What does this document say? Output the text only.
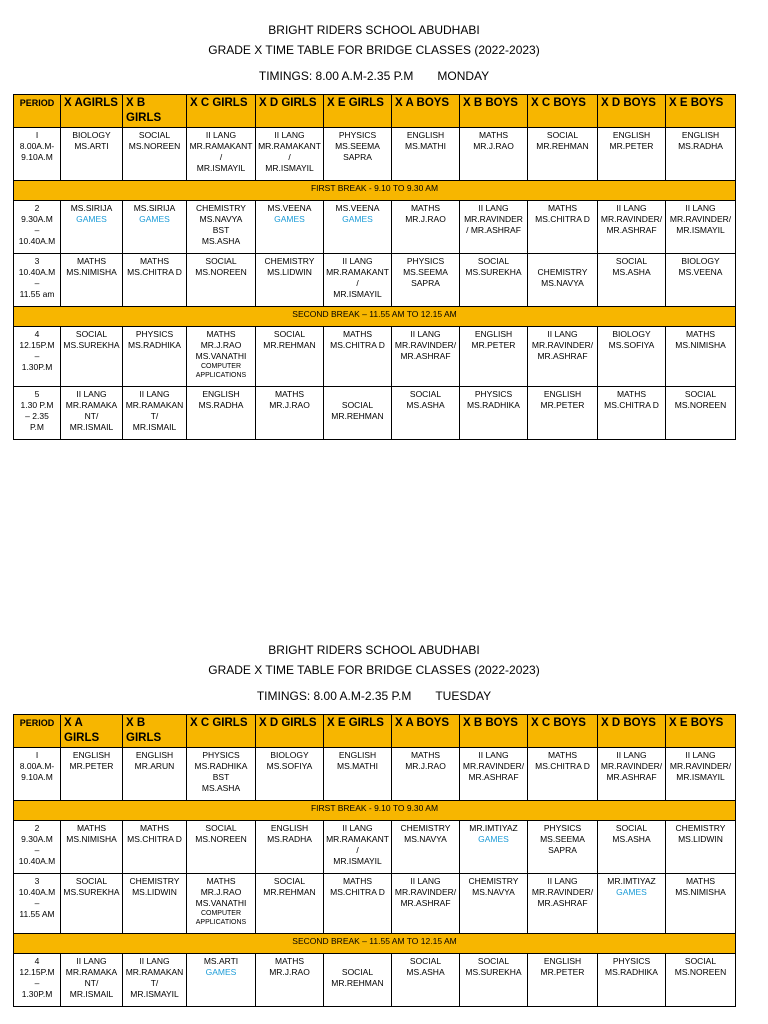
BRIGHT RIDERS SCHOOL ABUDHABI
GRADE X TIME TABLE FOR BRIDGE CLASSES (2022-2023)
TIMINGS: 8.00 A.M-2.35 P.M MONDAY
PERIOD	X AGIRLS	X B GIRLS	X C GIRLS	X D GIRLS	X E GIRLS	X A BOYS	X B BOYS	X C BOYS	X D BOYS	X E BOYS

I
8.00A.M-9.10A.M	BIOLOGY
MS.ARTI	SOCIAL
MS.NOREEN	II LANG
MR.RAMAKANT/
MR.ISMAYIL	II LANG
MR.RAMAKANT/
MR.ISMAYIL	PHYSICS
MS.SEEMA SAPRA	ENGLISH
MS.MATHI	MATHS
MR.J.RAO	SOCIAL
MR.REHMAN	ENGLISH
MR.PETER	ENGLISH
MS.RADHA

FIRST BREAK - 9.10 TO 9.30 AM										

2
9.30A.M
–
10.40A.M	MS.SIRIJA
GAMES	MS.SIRIJA
GAMES	CHEMISTRY
MS.NAVYA
BST
MS.ASHA	MS.VEENA
GAMES	MS.VEENA
GAMES	MATHS
MR.J.RAO	II LANG
MR.RAVINDER
/ MR.ASHRAF	MATHS
MS.CHITRA D	II LANG
MR.RAVINDER/
MR.ASHRAF	II LANG
MR.RAVINDER/
MR.ISMAYIL

3
10.40A.M –
11.55 am	MATHS
MS.NIMISHA	MATHS
MS.CHITRA D	SOCIAL
MS.NOREEN	CHEMISTRY
MS.LIDWIN	II LANG
MR.RAMAKANT/
MR.ISMAYIL	PHYSICS
MS.SEEMA SAPRA	SOCIAL
MS.SUREKHA	CHEMISTRY
MS.NAVYA	SOCIAL
MS.ASHA	BIOLOGY
MS.VEENA

SECOND BREAK – 11.55 AM TO 12.15 AM										

4
12.15P.M –
1.30P.M	SOCIAL
MS.SUREKHA	PHYSICS
MS.RADHIKA	MATHS
MR.J.RAO
MS.VANATHI
COMPUTER APPLICATIONS	SOCIAL
MR.REHMAN	MATHS
MS.CHITRA D	II LANG
MR.RAVINDER/
MR.ASHRAF	ENGLISH
MR.PETER	II LANG
MR.RAVINDER/
MR.ASHRAF	BIOLOGY
MS.SOFIYA	MATHS
MS.NIMISHA

5
1.30 P.M
– 2.35
P.M	II LANG
MR.RAMAKANT/
MR.ISMAIL	II LANG
MR.RAMAKANT/
MR.ISMAIL	ENGLISH
MS.RADHA	MATHS
MR.J.RAO	SOCIAL
MR.REHMAN	SOCIAL
MS.ASHA	PHYSICS
MS.RADHIKA	ENGLISH
MR.PETER	MATHS
MS.CHITRA D	SOCIAL
MS.NOREEN
BRIGHT RIDERS SCHOOL ABUDHABI
GRADE X TIME TABLE FOR BRIDGE CLASSES (2022-2023)
TIMINGS: 8.00 A.M-2.35 P.M TUESDAY
PERIOD	X A GIRLS	X B GIRLS	X C GIRLS	X D GIRLS	X E GIRLS	X A BOYS	X B BOYS	X C BOYS	X D BOYS	X E BOYS

I
8.00A.M-9.10A.M	ENGLISH
MR.PETER	ENGLISH
MR.ARUN	PHYSICS
MS.RADHIKA
BST
MS.ASHA	BIOLOGY
MS.SOFIYA	ENGLISH
MS.MATHI	MATHS
MR.J.RAO	II LANG
MR.RAVINDER/
MR.ASHRAF	MATHS
MS.CHITRA D	II LANG
MR.RAVINDER/
MR.ASHRAF	II LANG
MR.RAVINDER/
MR.ISMAYIL

FIRST BREAK - 9.10 TO 9.30 AM										

2
9.30A.M
–
10.40A.M	MATHS
MS.NIMISHA	MATHS
MS.CHITRA D	SOCIAL
MS.NOREEN	ENGLISH
MS.RADHA	II LANG
MR.RAMAKANT/
MR.ISMAYIL	CHEMISTRY
MS.NAVYA	MR.IMTIYAZ
GAMES	PHYSICS
MS.SEEMA SAPRA	SOCIAL
MS.ASHA	CHEMISTRY
MS.LIDWIN

3
10.40A.M –
11.55 AM	SOCIAL
MS.SUREKHA	CHEMISTRY
MS.LIDWIN	MATHS
MR.J.RAO
MS.VANATHI
COMPUTER APPLICATIONS	SOCIAL
MR.REHMAN	MATHS
MS.CHITRA D	II LANG
MR.RAVINDER/
MR.ASHRAF	CHEMISTRY
MS.NAVYA	II LANG
MR.RAVINDER/
MR.ASHRAF	MR.IMTIYAZ
GAMES	MATHS
MS.NIMISHA

SECOND BREAK – 11.55 AM TO 12.15 AM										

4
12.15P.M –
1.30P.M	II LANG
MR.RAMAKANT/
MR.ISMAIL	II LANG
MR.RAMAKANT/
MR.ISMAYIL	MS.ARTI
GAMES	MATHS
MR.J.RAO	SOCIAL
MR.REHMAN	SOCIAL
MS.ASHA	SOCIAL
MS.SUREKHA	ENGLISH
MR.PETER	PHYSICS
MS.RADHIKA	SOCIAL
MS.NOREEN
